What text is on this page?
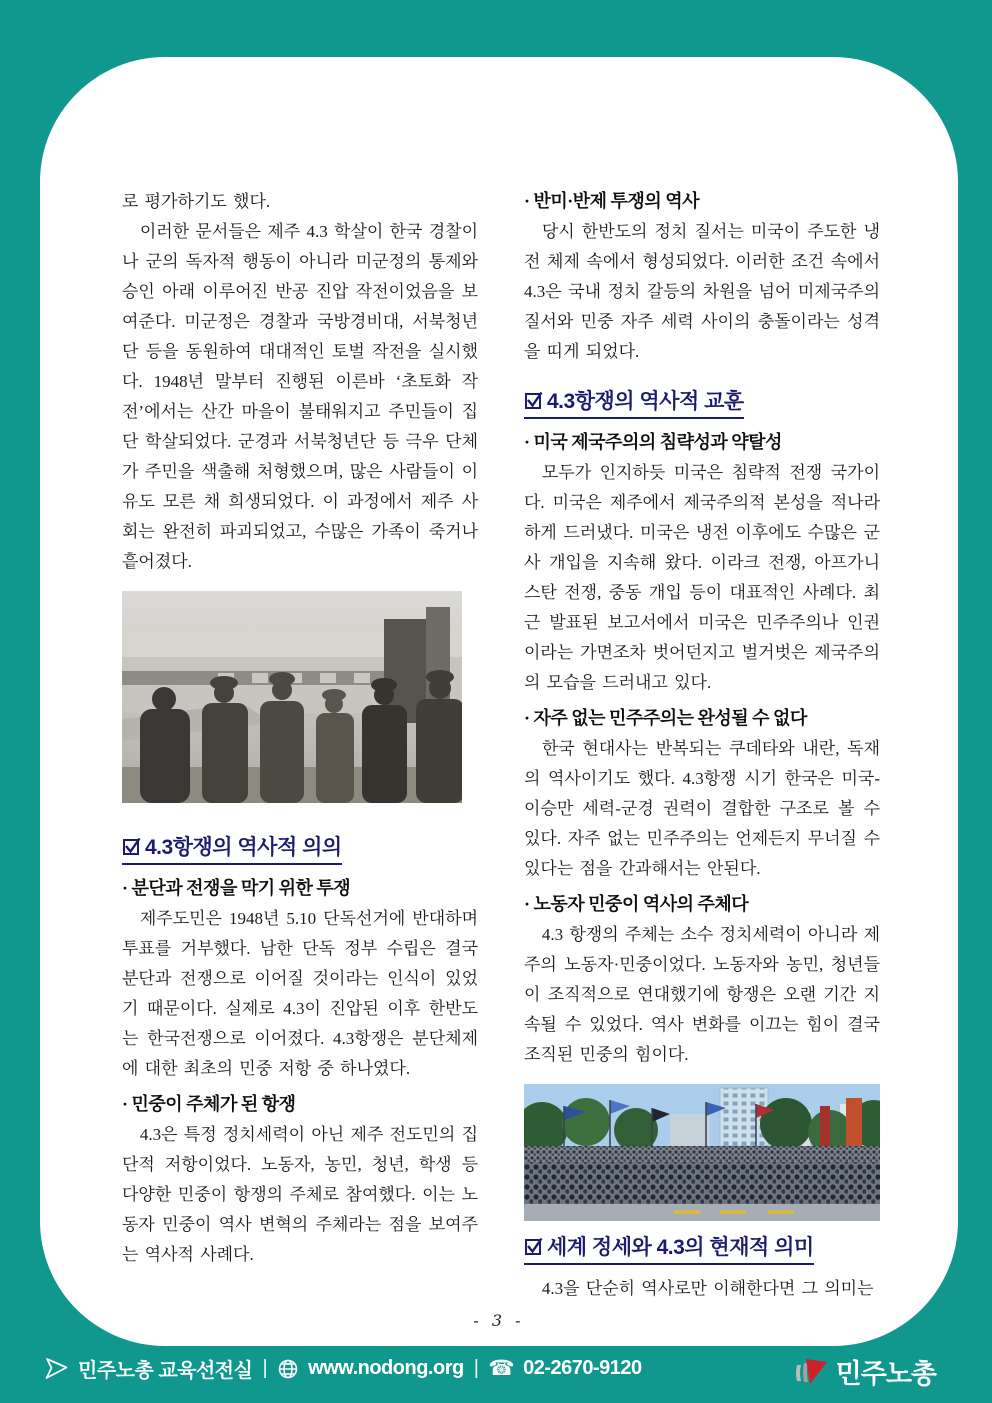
로 평가하기도 했다.

이러한 문서들은 제주 4.3 학살이 한국 경찰이나 군의 독자적 행동이 아니라 미군정의 통제와 승인 아래 이루어진 반공 진압 작전이었음을 보여준다. 미군정은 경찰과 국방경비대, 서북청년단 등을 동원하여 대대적인 토벌 작전을 실시했다. 1948년 말부터 진행된 이른바 ‘초토화 작전’에서는 산간 마을이 불태워지고 주민들이 집단 학살되었다. 군경과 서북청년단 등 극우 단체가 주민을 색출해 처형했으며, 많은 사람들이 이유도 모른 채 희생되었다. 이 과정에서 제주 사회는 완전히 파괴되었고, 수많은 가족이 죽거나 흩어졌다.

4.3항쟁의 역사적 의의
· 분단과 전쟁을 막기 위한 투쟁

제주도민은 1948년 5.10 단독선거에 반대하며 투표를 거부했다. 남한 단독 정부 수립은 결국 분단과 전쟁으로 이어질 것이라는 인식이 있었기 때문이다. 실제로 4.3이 진압된 이후 한반도는 한국전쟁으로 이어졌다. 4.3항쟁은 분단체제에 대한 최초의 민중 저항 중 하나였다.

· 민중이 주체가 된 항쟁

4.3은 특정 정치세력이 아닌 제주 전도민의 집단적 저항이었다. 노동자, 농민, 청년, 학생 등 다양한 민중이 항쟁의 주체로 참여했다. 이는 노동자 민중이 역사 변혁의 주체라는 점을 보여주는 역사적 사례다.

· 반미·반제 투쟁의 역사

당시 한반도의 정치 질서는 미국이 주도한 냉전 체제 속에서 형성되었다. 이러한 조건 속에서 4.3은 국내 정치 갈등의 차원을 넘어 미제국주의 질서와 민중 자주 세력 사이의 충돌이라는 성격을 띠게 되었다.

4.3항쟁의 역사적 교훈
· 미국 제국주의의 침략성과 약탈성

모두가 인지하듯 미국은 침략적 전쟁 국가이다. 미국은 제주에서 제국주의적 본성을 적나라하게 드러냈다. 미국은 냉전 이후에도 수많은 군사 개입을 지속해 왔다. 이라크 전쟁, 아프가니스탄 전쟁, 중동 개입 등이 대표적인 사례다. 최근 발표된 보고서에서 미국은 민주주의나 인권이라는 가면조차 벗어던지고 벌거벗은 제국주의의 모습을 드러내고 있다.

· 자주 없는 민주주의는 완성될 수 없다

한국 현대사는 반복되는 쿠데타와 내란, 독재의 역사이기도 했다. 4.3항쟁 시기 한국은 미국-이승만 세력-군경 권력이 결합한 구조로 볼 수 있다. 자주 없는 민주주의는 언제든지 무너질 수 있다는 점을 간과해서는 안된다.

· 노동자 민중이 역사의 주체다

4.3 항쟁의 주체는 소수 정치세력이 아니라 제주의 노동자·민중이었다. 노동자와 농민, 청년들이 조직적으로 연대했기에 항쟁은 오랜 기간 지속될 수 있었다. 역사 변화를 이끄는 힘이 결국 조직된 민중의 힘이다.

세계 정세와 4.3의 현재적 의미

4.3을 단순히 역사로만 이해한다면 그 의미는

- 3 -
민주노총 교육선전실 | www.nodong.org | ☎ 02-2670-9120	민주노총
